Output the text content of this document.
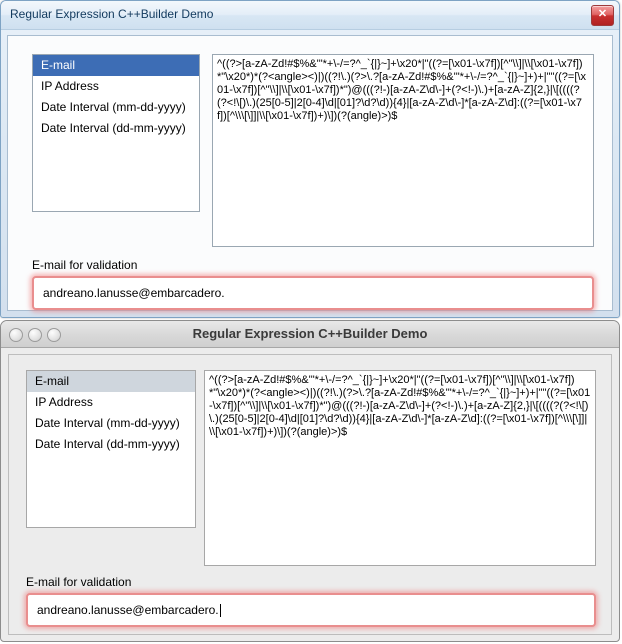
Regular Expression C++Builder Demo	✕
E-mail
IP Address
Date Interval (mm-dd-yyyy)
Date Interval (dd-mm-yyyy)
^((?>[a-zA-Zd!#$%&'"*+\-/=?^_`{|}~]+\x20*|"((?=[\x01-\x7f])[^"\\]|\\[\x01-\x7f])*"\x20*)*(?<angle><)|)((?!\.)(?>\.?[a-zA-Zd!#$%&'"*+\-/=?^_`{|}~]+)+|""((?=[\x01-\x7f])[^"\\]|\\[\x01-\x7f])*")@(((?!-)[a-zA-Z\d\-]+(?<!-)\.)+[a-zA-Z]{2,}|\[((((?(?<!\[)\.)(25[0-5]|2[0-4]\d|[01]?\d?\d)){4}|[a-zA-Z\d\-]*[a-zA-Z\d]:((?=[\x01-\x7f])[^\\\[\]]|\\[\x01-\x7f])+)\])(?(angle)>)$
E-mail for validation
andreano.lanusse@embarcadero.
Regular Expression C++Builder Demo
E-mail
IP Address
Date Interval (mm-dd-yyyy)
Date Interval (dd-mm-yyyy)
^((?>[a-zA-Zd!#$%&'"*+\-/=?^_`{|}~]+\x20*|"((?=[\x01-\x7f])[^"\\]|\\[\x01-\x7f])*"\x20*)*(?<angle><)|)((?!\.)(?>\.?[a-zA-Zd!#$%&'"*+\-/=?^_`{|}~]+)+|""((?=[\x01-\x7f])[^"\\]|\\[\x01-\x7f])*")@(((?!-)[a-zA-Z\d\-]+(?<!-)\.)+[a-zA-Z]{2,}|\[((((?(?<!\[)\.)(25[0-5]|2[0-4]\d|[01]?\d?\d)){4}|[a-zA-Z\d\-]*[a-zA-Z\d]:((?=[\x01-\x7f])[^\\\[\]]|\\[\x01-\x7f])+)\])(?(angle)>)$
E-mail for validation
andreano.lanusse@embarcadero.
